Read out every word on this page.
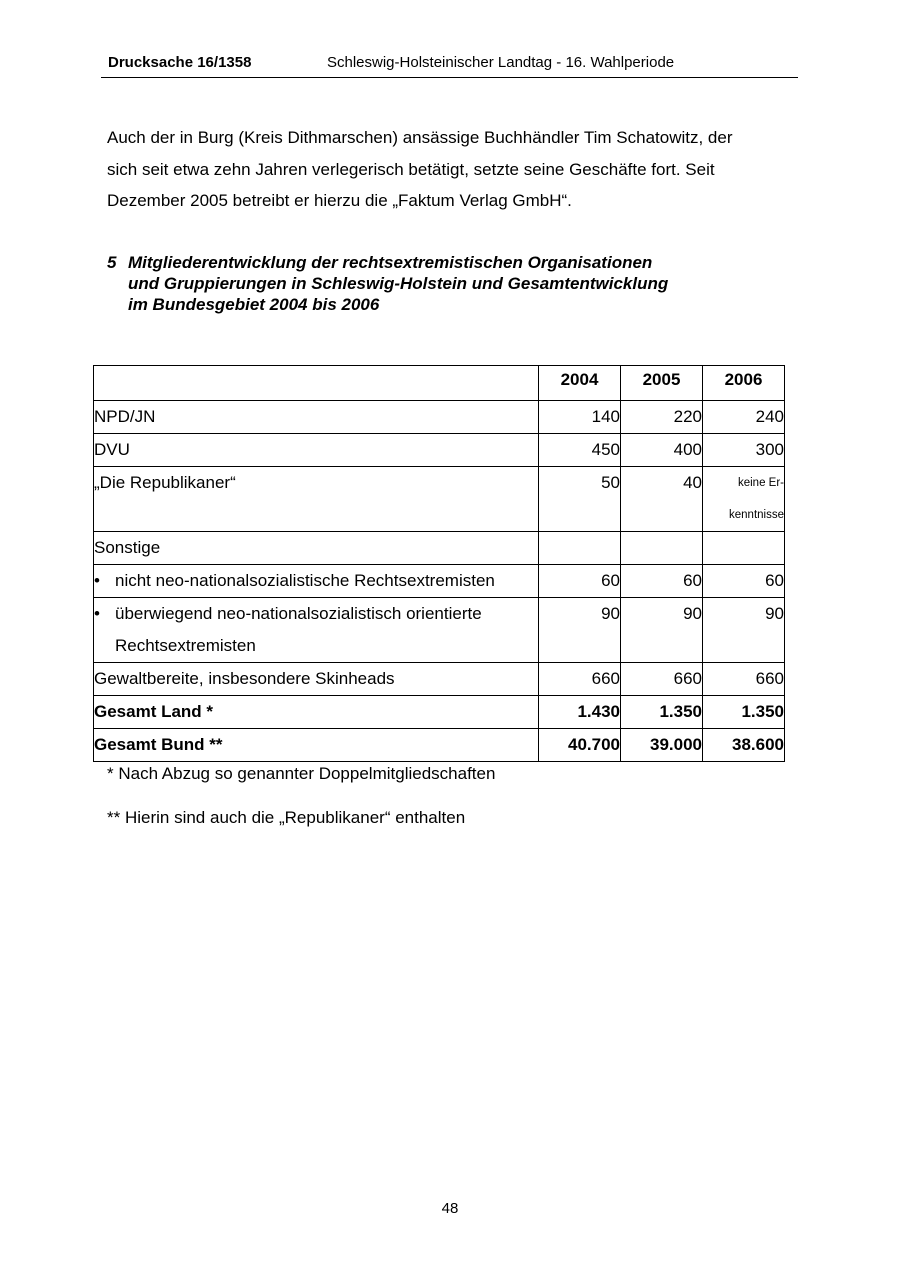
Drucksache 16/1358	Schleswig-Holsteinischer Landtag - 16. Wahlperiode

Auch der in Burg (Kreis Dithmarschen) ansässige Buchhändler Tim Schatowitz, der
sich seit etwa zehn Jahren verlegerisch betätigt, setzte seine Geschäfte fort. Seit
Dezember 2005 betreibt er hierzu die „Faktum Verlag GmbH“.

5 Mitgliederentwicklung der rechtsextremistischen Organisationen
und Gruppierungen in Schleswig-Holstein und Gesamtentwicklung
im Bundesgebiet 2004 bis 2006
	2004	2005	2006
NPD/JN	140	220	240
DVU	450	400	300
„Die Republikaner“	50	40	keine Er-
kenntnisse
Sonstige			
• nicht neo-nationalsozialistische Rechtsextremisten	60	60	60
• überwiegend neo-nationalsozialistisch orientierte
Rechtsextremisten	90	90	90
Gewaltbereite, insbesondere Skinheads	660	660	660
Gesamt Land *	1.430	1.350	1.350
Gesamt Bund **	40.700	39.000	38.600
* Nach Abzug so genannter Doppelmitgliedschaften
** Hierin sind auch die „Republikaner“ enthalten
48
